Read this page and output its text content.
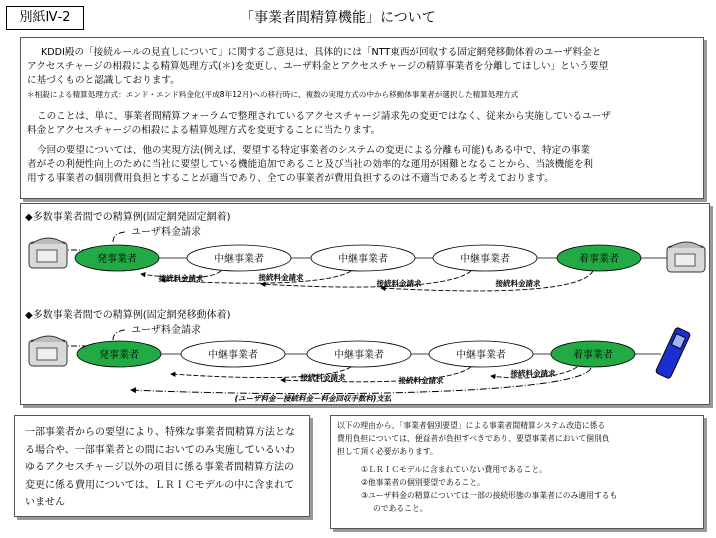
別紙Ⅳ-2	「事業者間精算機能」について

KDDI殿の「接続ルールの見直しについて」に関するご意見は、具体的には「NTT東西が回収する固定網発移動体着のユーザ料金と

アクセスチャージの相殺による精算処理方式(＊)を変更し、ユーザ料金とアクセスチャージの精算事業者を分離してほしい」という要望

に基づくものと認識しております。

＊相殺による精算処理方式：エンド・エンド料金化(平成8年12月)への移行時に、複数の実現方式の中から移動体事業者が選択した精算処理方式

このことは、単に、事業者間精算フォーラムで整理されているアクセスチャージ請求先の変更ではなく、従来から実施しているユーザ

料金とアクセスチャージの相殺による精算処理方式を変更することに当たります。

今回の要望については、他の実現方法(例えば、要望する特定事業者のシステムの変更による分離も可能)もある中で、特定の事業

者がその利便性向上のために当社に要望している機能追加であること及び当社の効率的な運用が困難となることから、当該機能を利

用する事業者の個別費用負担とすることが適当であり、全ての事業者が費用負担するのは不適当であると考えております。

◆多数事業者間での精算例(固定網発固定網着)
ユーザ料金請求
◆多数事業者間での精算例(固定網発移動体着)
ユーザ料金請求
発事業者	中継事業者	中継事業者	中継事業者	着事業者
接続料金請求	接続料金請求
接続料金請求	接続料金請求
発事業者	中継事業者	中継事業者	中継事業者	着事業者
接続料金請求	接続料金請求
接続料金請求
(ユーザ料金－接続料金－料金回収手数料)支払

一部事業者からの要望により、特殊な事業者間精算方法となる場合や、一部事業者との間においてのみ実施しているいわゆるアクセスチャージ以外の項目に係る事業者間精算方法の変更に係る費用については、ＬＲＩＣモデルの中に含まれていません

以下の理由から、「事業者個別要望」による事業者間精算システム改造に係る

費用負担については、便益者が負担すべきであり、要望事業者において個別負

担して頂く必要があります。

①ＬＲＩＣモデルに含まれていない費用であること。

②他事業者の個別要望であること。

③ユーザ料金の精算については一部の接続形態の事業者にのみ適用するも

のであること。
